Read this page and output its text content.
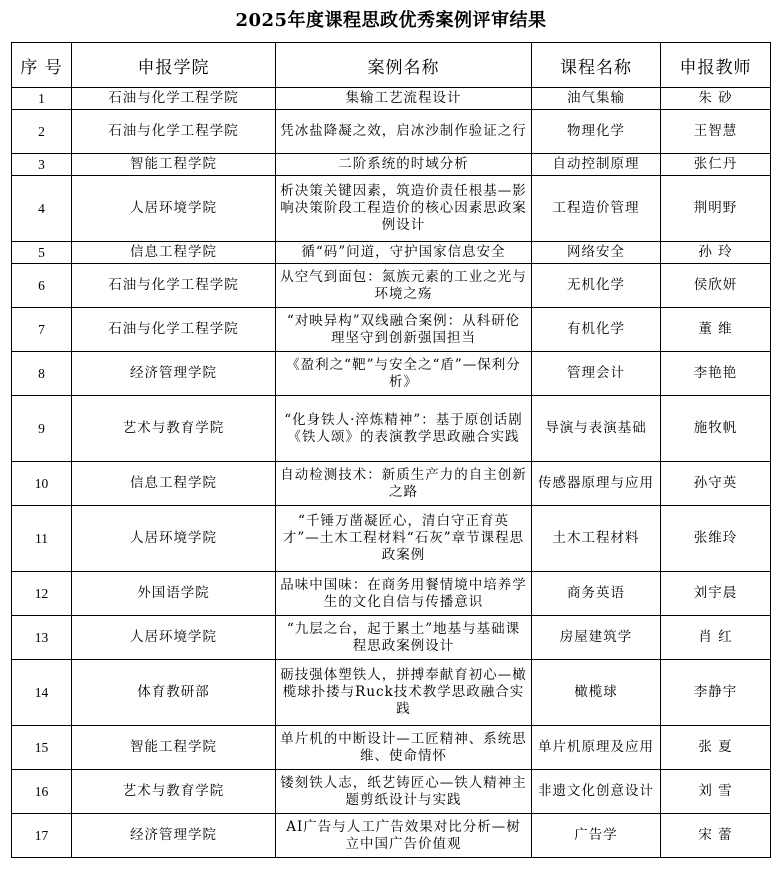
2025年度课程思政优秀案例评审结果
序 号	申报学院	案例名称	课程名称	申报教师
1	石油与化学工程学院	集输工艺流程设计	油气集输	朱 砂
2	石油与化学工程学院	凭冰盐降凝之效，启冰沙制作验证之行	物理化学	王智慧
3	智能工程学院	二阶系统的时域分析	自动控制原理	张仁丹
4	人居环境学院	析决策关键因素，筑造价责任根基—影响决策阶段工程造价的核心因素思政案例设计	工程造价管理	荆明野
5	信息工程学院	循“码”问道，守护国家信息安全	网络安全	孙 玲
6	石油与化学工程学院	从空气到面包：氮族元素的工业之光与环境之殇	无机化学	侯欣妍
7	石油与化学工程学院	“对映异构”双线融合案例：从科研伦理坚守到创新强国担当	有机化学	董 维
8	经济管理学院	《盈利之“靶”与安全之“盾”—保利分析》	管理会计	李艳艳
9	艺术与教育学院	“化身铁人·淬炼精神”：基于原创话剧《铁人颂》的表演教学思政融合实践	导演与表演基础	施牧帆
10	信息工程学院	自动检测技术：新质生产力的自主创新之路	传感器原理与应用	孙守英
11	人居环境学院	“千锤万凿凝匠心，清白守正育英才”—土木工程材料“石灰”章节课程思政案例	土木工程材料	张维玲
12	外国语学院	品味中国味：在商务用餐情境中培养学生的文化自信与传播意识	商务英语	刘宇晨
13	人居环境学院	“九层之台，起于累土”地基与基础课程思政案例设计	房屋建筑学	肖 红
14	体育教研部	砺技强体塑铁人，拼搏奉献育初心—橄榄球扑搂与Ruck技术教学思政融合实践	橄榄球	李静宇
15	智能工程学院	单片机的中断设计—工匠精神、系统思维、使命情怀	单片机原理及应用	张 夏
16	艺术与教育学院	镂刻铁人志，纸艺铸匠心—铁人精神主题剪纸设计与实践	非遗文化创意设计	刘 雪
17	经济管理学院	AI广告与人工广告效果对比分析—树立中国广告价值观	广告学	宋 蕾
